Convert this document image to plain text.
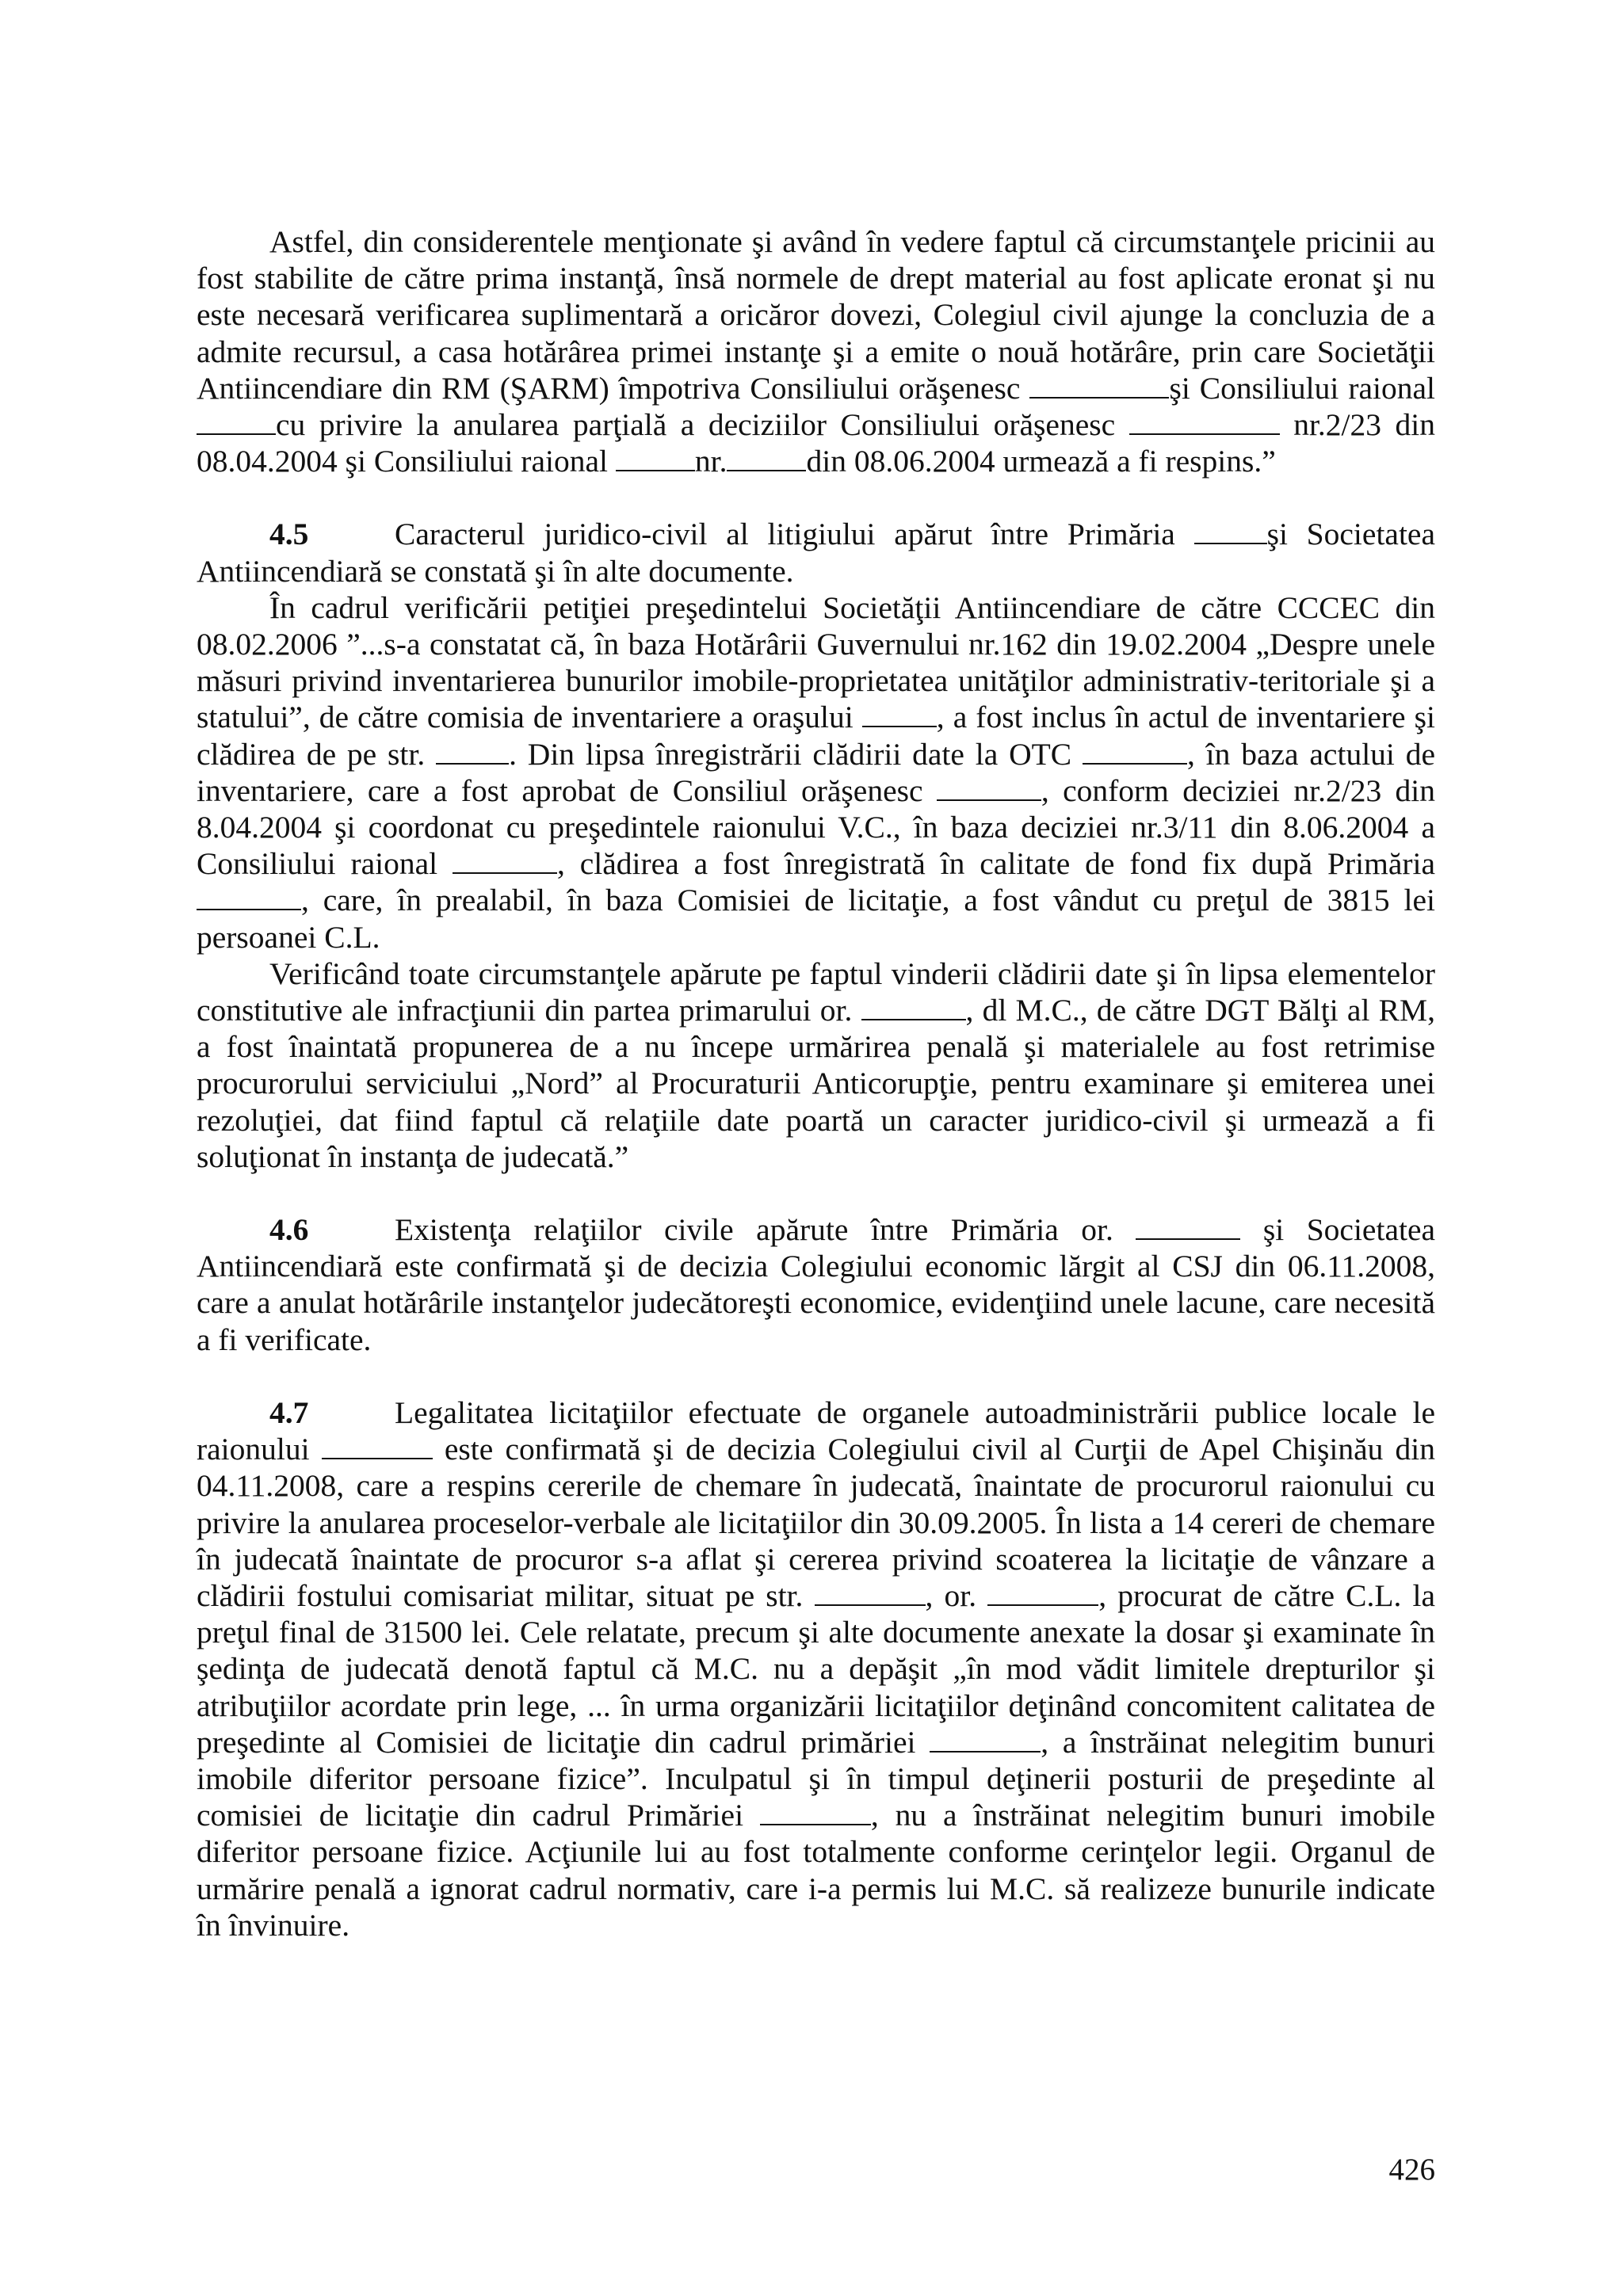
Astfel, din considerentele menţionate şi având în vedere faptul că circumstanţele pricinii au fost stabilite de către prima instanţă, însă normele de drept material au fost aplicate eronat şi nu este necesară verificarea suplimentară a oricăror dovezi, Colegiul civil ajunge la concluzia de a admite recursul, a casa hotărârea primei instanţe şi a emite o nouă hotărâre, prin care Societăţii Antiincendiare din RM (ŞARM) împotriva Consiliului orăşenesc	şi Consiliului raional cu privire la anularea parţială a deciziilor Consiliului orăşenesc	nr.2/23 din 08.04.2004 şi Consiliului raional	nr.	din 08.06.2004 urmează a fi respins.”

4.5	Caracterul juridico-civil al litigiului apărut între Primăria	şi Societatea Antiincendiară se constată şi în alte documente.

În cadrul verificării petiţiei preşedintelui Societăţii Antiincendiare de către CCCEC din 08.02.2006 ”...s-a constatat că, în baza Hotărârii Guvernului nr.162 din 19.02.2004 „Despre unele măsuri privind inventarierea bunurilor imobile-proprietatea unităţilor administrativ-teritoriale şi a statului”, de către comisia de inventariere a oraşului	, a fost inclus în actul de inventariere şi clădirea de pe str.	. Din lipsa înregistrării clădirii date la OTC	, în baza actului de inventariere, care a fost aprobat de Consiliul orăşenesc	, conform deciziei nr.2/23 din 8.04.2004 şi coordonat cu preşedintele raionului V.C., în baza deciziei nr.3/11 din 8.06.2004 a Consiliului raional	, clădirea a fost înregistrată în calitate de fond fix după Primăria , care, în prealabil, în baza Comisiei de licitaţie, a fost vândut cu preţul de 3815 lei persoanei C.L.

Verificând toate circumstanţele apărute pe faptul vinderii clădirii date şi în lipsa elementelor constitutive ale infracţiunii din partea primarului or.	, dl M.C., de către DGT Bălţi al RM, a fost înaintată propunerea de a nu începe urmărirea penală şi materialele au fost retrimise procurorului serviciului „Nord” al Procuraturii Anticorupţie, pentru examinare şi emiterea unei rezoluţiei, dat fiind faptul că relaţiile date poartă un caracter juridico-civil şi urmează a fi soluţionat în instanţa de judecată.”

4.6	Existenţa relaţiilor civile apărute între Primăria or.	şi Societatea Antiincendiară este confirmată şi de decizia Colegiului economic lărgit al CSJ din 06.11.2008, care a anulat hotărârile instanţelor judecătoreşti economice, evidenţiind unele lacune, care necesită a fi verificate.

4.7	Legalitatea licitaţiilor efectuate de organele autoadministrării publice locale le raionului	este confirmată şi de decizia Colegiului civil al Curţii de Apel Chişinău din 04.11.2008, care a respins cererile de chemare în judecată, înaintate de procurorul raionului cu privire la anularea proceselor-verbale ale licitaţiilor din 30.09.2005. În lista a 14 cereri de chemare în judecată înaintate de procuror s-a aflat şi cererea privind scoaterea la licitaţie de vânzare a clădirii fostului comisariat militar, situat pe str.	, or.	, procurat de către C.L. la preţul final de 31500 lei. Cele relatate, precum şi alte documente anexate la dosar şi examinate în şedinţa de judecată denotă faptul că M.C. nu a depăşit „în mod vădit limitele drepturilor şi atribuţiilor acordate prin lege, ... în urma organizării licitaţiilor deţinând concomitent calitatea de preşedinte al Comisiei de licitaţie din cadrul primăriei	, a înstrăinat nelegitim bunuri imobile diferitor persoane fizice”. Inculpatul şi în timpul deţinerii posturii de preşedinte al comisiei de licitaţie din cadrul Primăriei	, nu a înstrăinat nelegitim bunuri imobile diferitor persoane fizice. Acţiunile lui au fost totalmente conforme cerinţelor legii. Organul de urmărire penală a ignorat cadrul normativ, care i-a permis lui M.C. să realizeze bunurile indicate în învinuire.

426
